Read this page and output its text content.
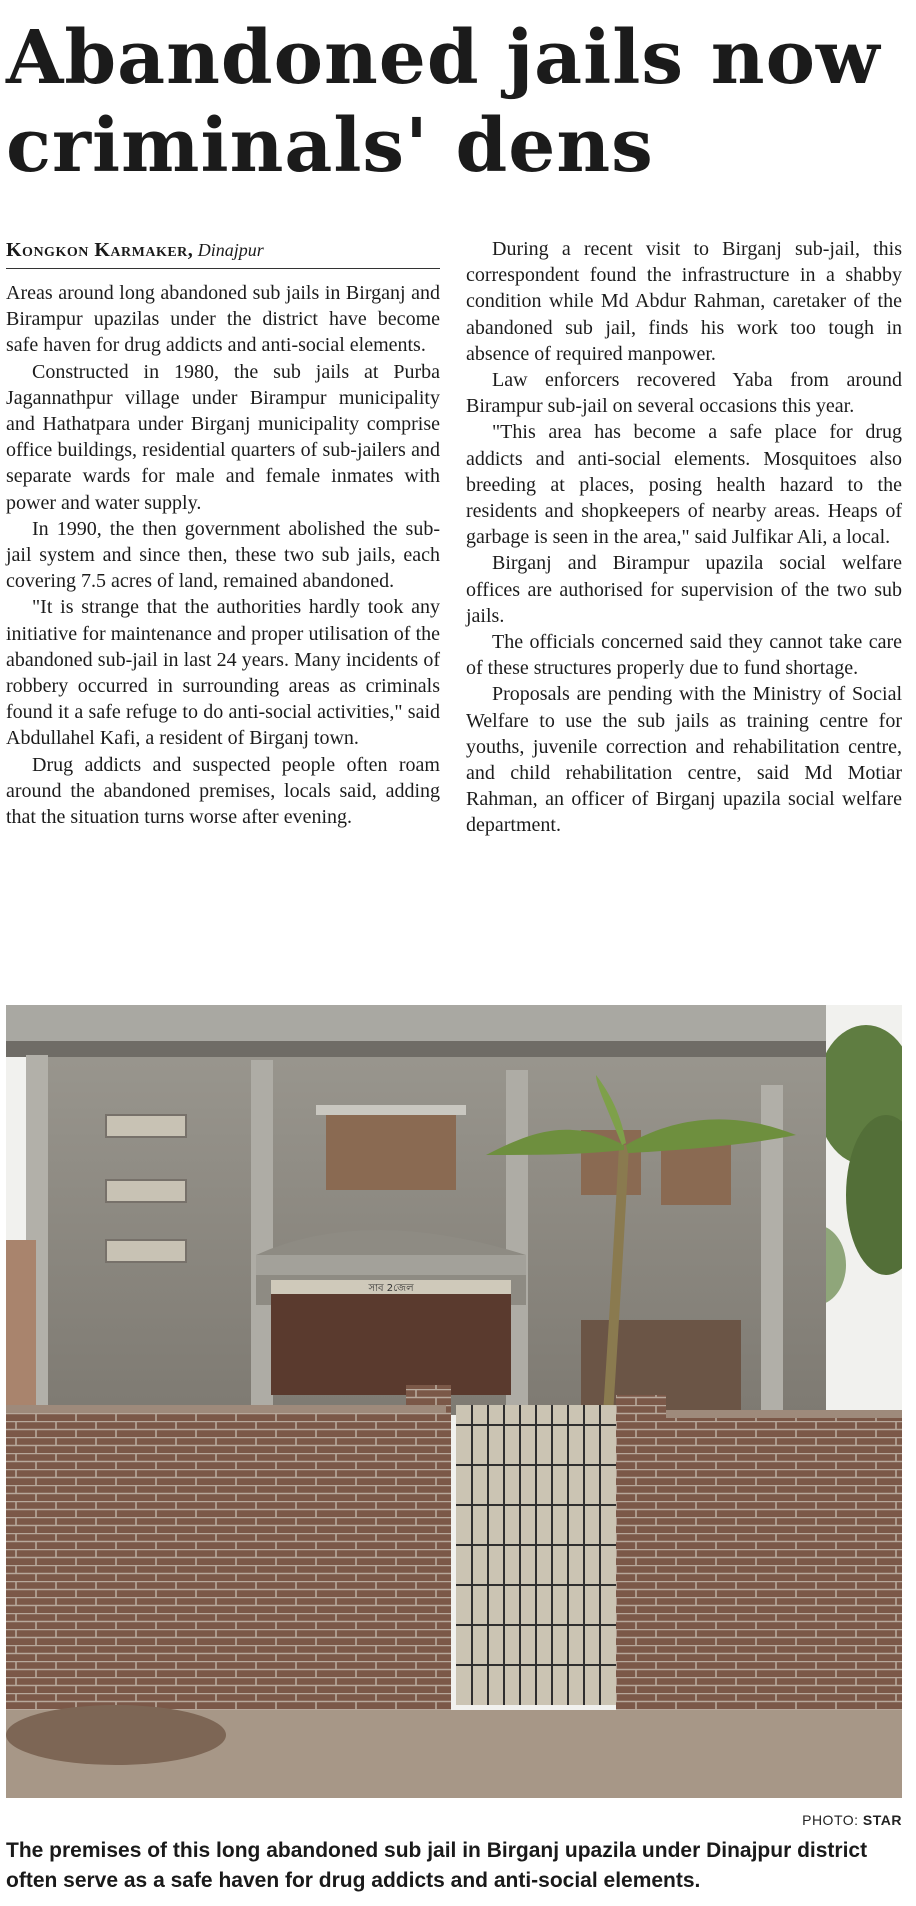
Abandoned jails now
criminals' dens
Kongkon Karmaker, Dinajpur

Areas around long abandoned sub jails in Birganj and Birampur upazilas under the district have become safe haven for drug addicts and anti-social elements.

Constructed in 1980, the sub jails at Purba Jagannathpur village under Birampur municipality and Hathatpara under Birganj municipality comprise office buildings, residential quarters of sub-jailers and separate wards for male and female inmates with power and water supply.

In 1990, the then government abolished the sub-jail system and since then, these two sub jails, each covering 7.5 acres of land, remained abandoned.

"It is strange that the authorities hardly took any initiative for maintenance and proper utilisation of the abandoned sub-jail in last 24 years. Many incidents of robbery occurred in surrounding areas as criminals found it a safe refuge to do anti-social activities," said Abdullahel Kafi, a resident of Birganj town.

Drug addicts and suspected people often roam around the abandoned premises, locals said, adding that the situation turns worse after evening.

During a recent visit to Birganj sub-jail, this correspondent found the infrastructure in a shabby condition while Md Abdur Rahman, caretaker of the abandoned sub jail, finds his work too tough in absence of required manpower.

Law enforcers recovered Yaba from around Birampur sub-jail on several occasions this year.

"This area has become a safe place for drug addicts and anti-social elements. Mosquitoes also breeding at places, posing health hazard to the residents and shopkeepers of nearby areas. Heaps of garbage is seen in the area," said Julfikar Ali, a local.

Birganj and Birampur upazila social welfare offices are authorised for supervision of the two sub jails.

The officials concerned said they cannot take care of these structures properly due to fund shortage.

Proposals are pending with the Ministry of Social Welfare to use the sub jails as training centre for youths, juvenile correction and rehabilitation centre, and child rehabilitation centre, said Md Motiar Rahman, an officer of Birganj upazila social welfare department.

সাব 2জেল
PHOTO: STAR
The premises of this long abandoned sub jail in Birganj upazila under Dinajpur district
often serve as a safe haven for drug addicts and anti-social elements.
